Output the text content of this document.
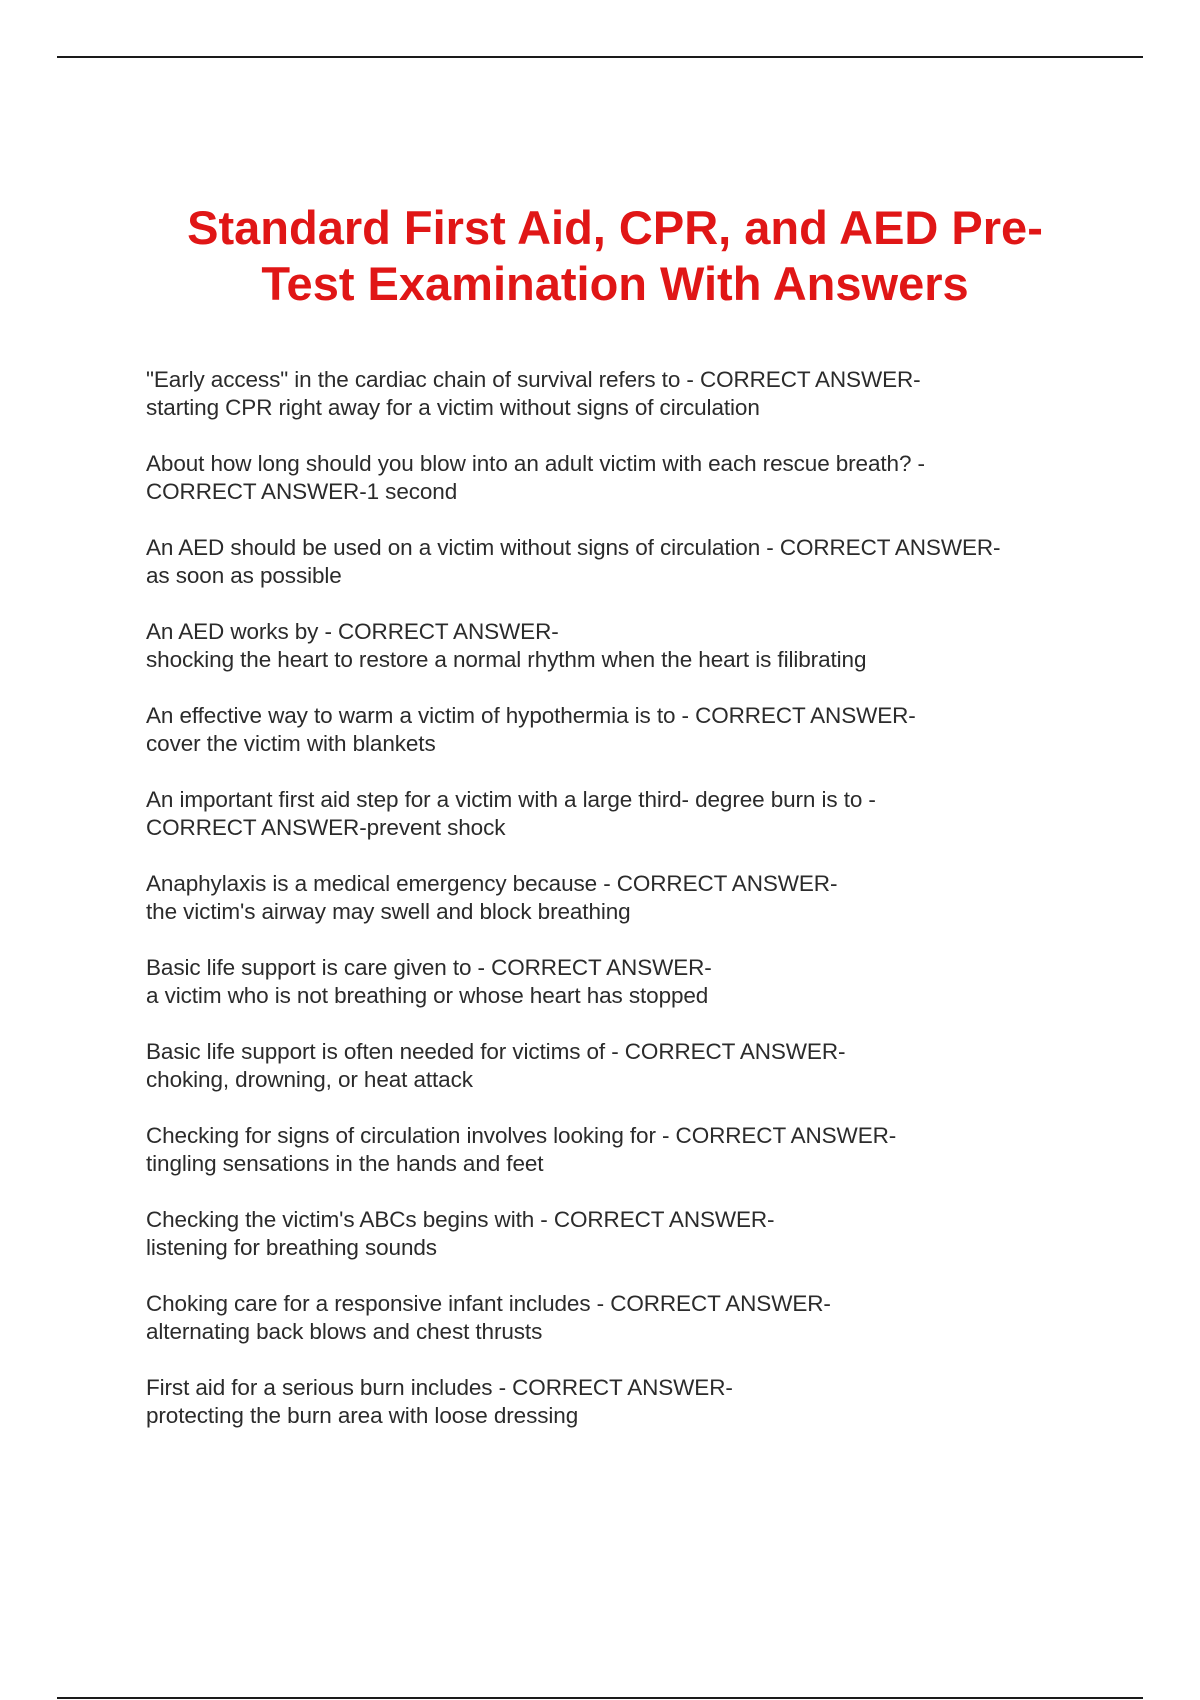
Standard First Aid, CPR, and AED Pre-
Test Examination With Answers
"Early access" in the cardiac chain of survival refers to - CORRECT ANSWER-
starting CPR right away for a victim without signs of circulation
About how long should you blow into an adult victim with each rescue breath? -
CORRECT ANSWER-1 second
An AED should be used on a victim without signs of circulation - CORRECT ANSWER-
as soon as possible
An AED works by - CORRECT ANSWER-
shocking the heart to restore a normal rhythm when the heart is filibrating
An effective way to warm a victim of hypothermia is to - CORRECT ANSWER-
cover the victim with blankets
An important first aid step for a victim with a large third- degree burn is to -
CORRECT ANSWER-prevent shock
Anaphylaxis is a medical emergency because - CORRECT ANSWER-
the victim's airway may swell and block breathing
Basic life support is care given to - CORRECT ANSWER-
a victim who is not breathing or whose heart has stopped
Basic life support is often needed for victims of - CORRECT ANSWER-
choking, drowning, or heat attack
Checking for signs of circulation involves looking for - CORRECT ANSWER-
tingling sensations in the hands and feet
Checking the victim's ABCs begins with - CORRECT ANSWER-
listening for breathing sounds
Choking care for a responsive infant includes - CORRECT ANSWER-
alternating back blows and chest thrusts
First aid for a serious burn includes - CORRECT ANSWER-
protecting the burn area with loose dressing
